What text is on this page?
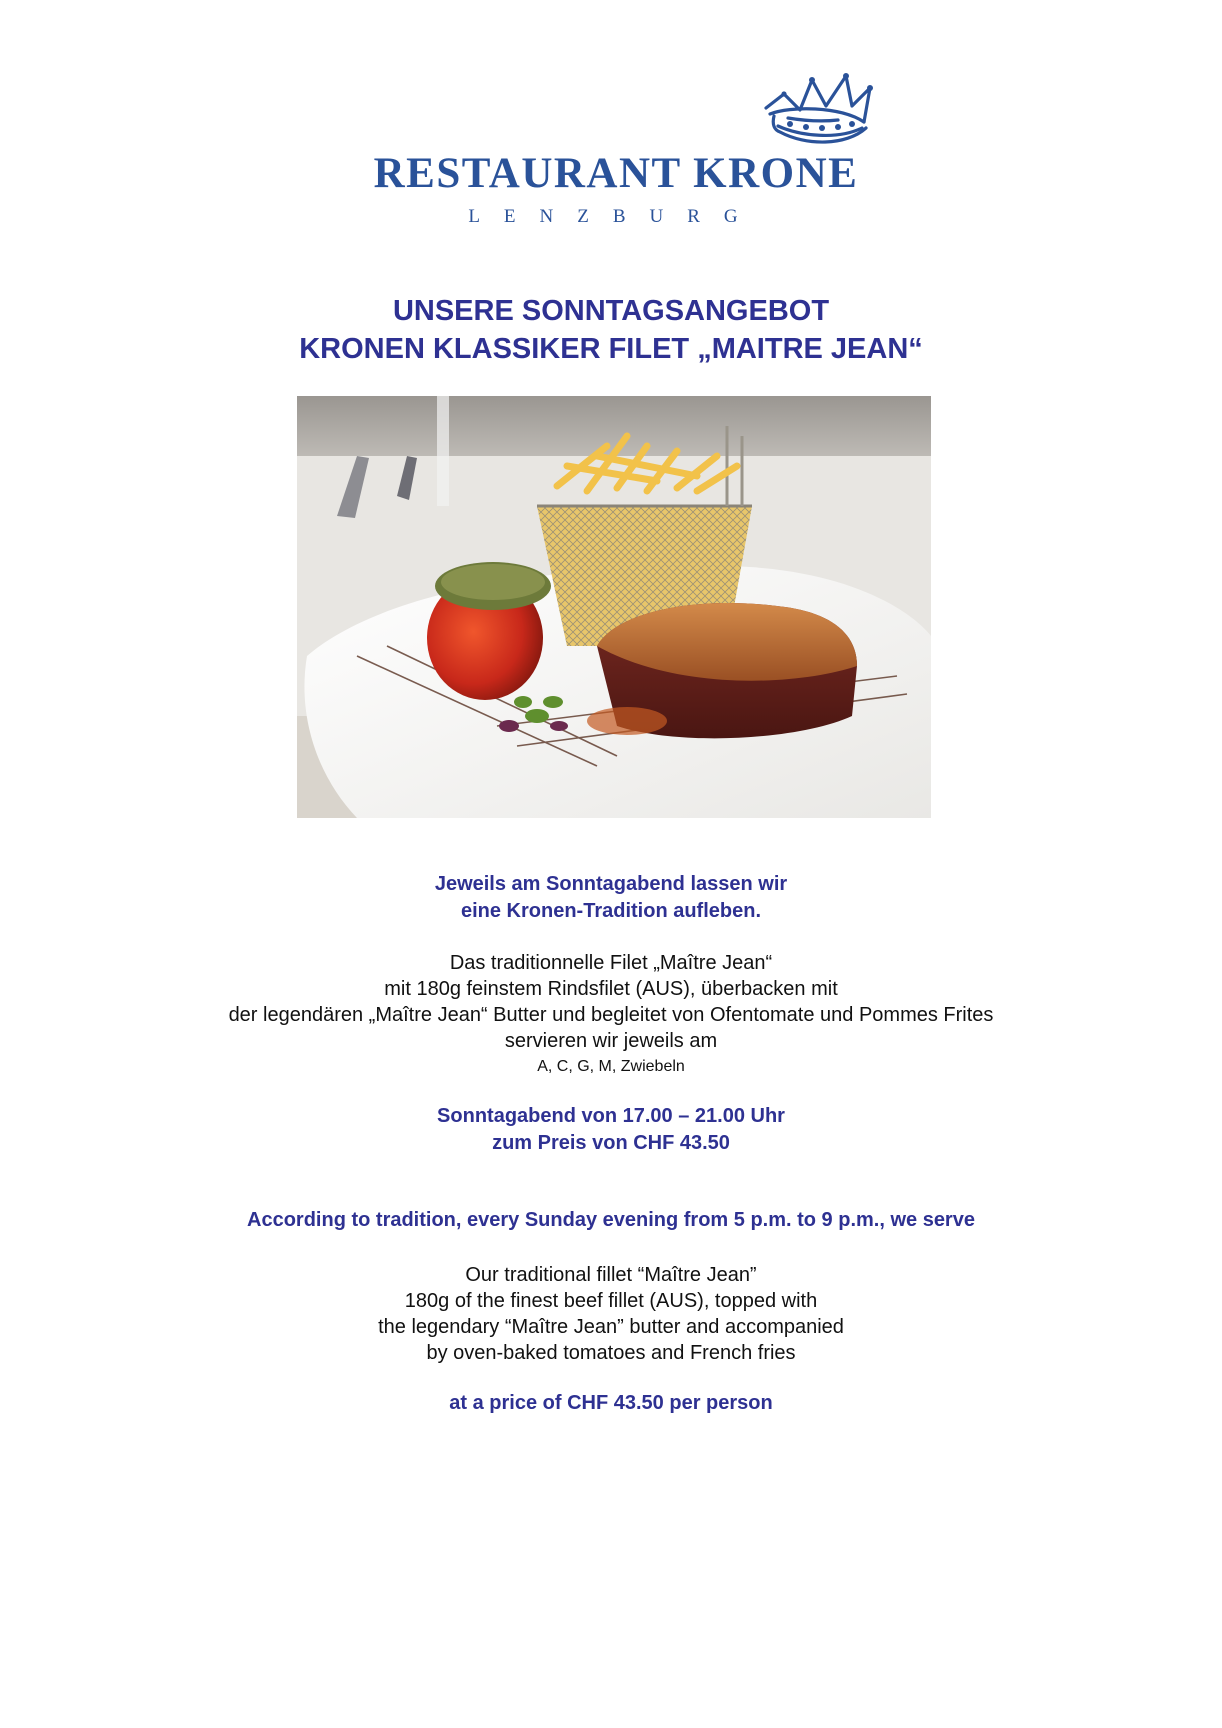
RESTAURANT KRONE
LENZBURG
UNSERE SONNTAGSANGEBOT
KRONEN KLASSIKER FILET „MAITRE JEAN“
Jeweils am Sonntagabend lassen wir
eine Kronen-Tradition aufleben.
Das traditionnelle Filet „Maître Jean“
mit 180g feinstem Rindsfilet (AUS), überbacken mit
der legendären „Maître Jean“ Butter und begleitet von Ofentomate und Pommes Frites
servieren wir jeweils am
A, C, G, M, Zwiebeln
Sonntagabend von 17.00 – 21.00 Uhr
zum Preis von CHF 43.50
According to tradition, every Sunday evening from 5 p.m. to 9 p.m., we serve
Our traditional fillet “Maître Jean”
180g of the finest beef fillet (AUS), topped with
the legendary “Maître Jean” butter and accompanied
by oven-baked tomatoes and French fries
at a price of CHF 43.50 per person
